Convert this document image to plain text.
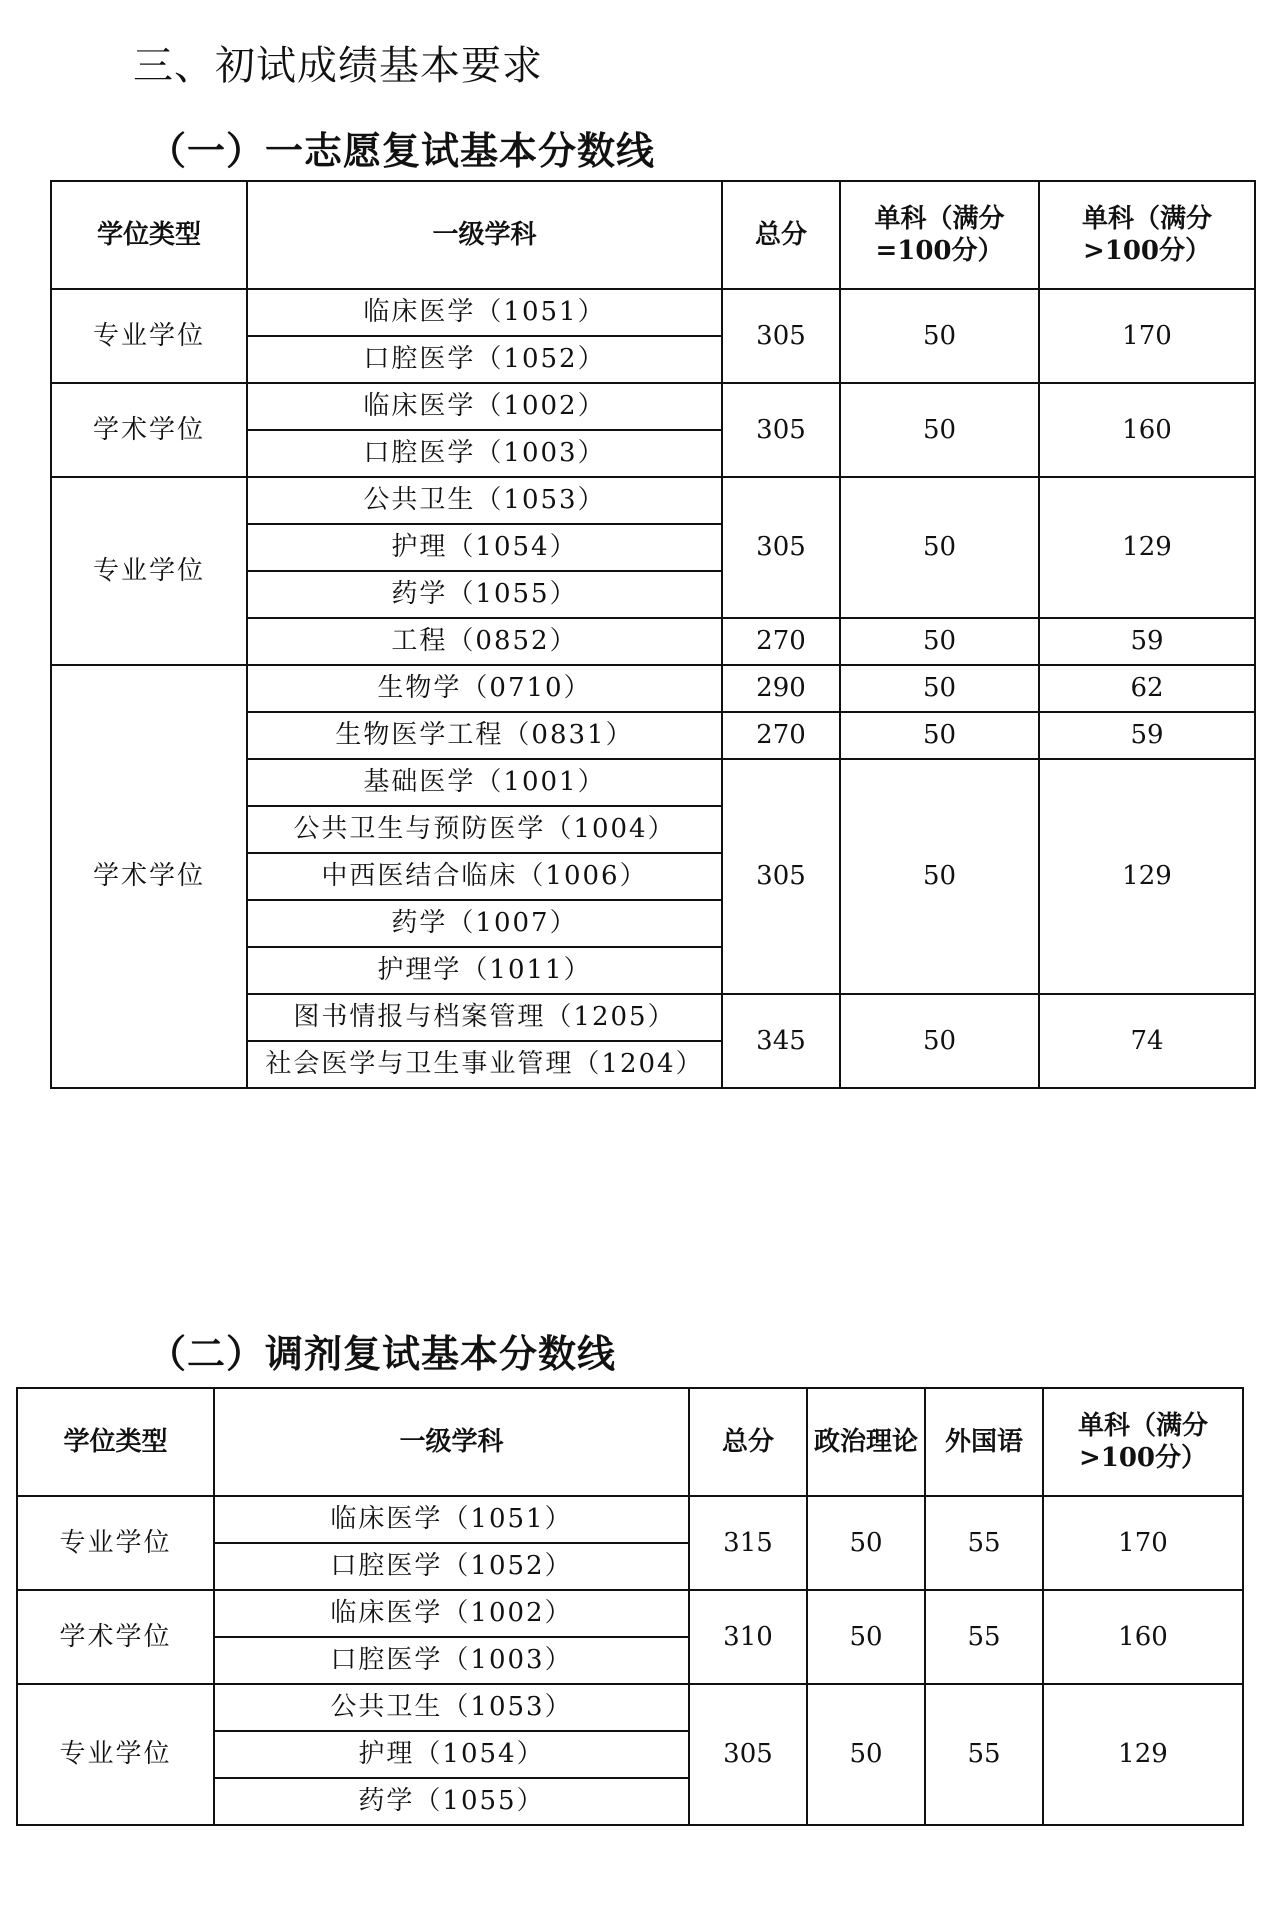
三、初试成绩基本要求
（一）一志愿复试基本分数线
学位类型	一级学科	总分	单科（满分=100分）	单科（满分>100分）
专业学位	临床医学（1051）	305	50	170
	口腔医学（1052）			
学术学位	临床医学（1002）	305	50	160
	口腔医学（1003）			
专业学位	公共卫生（1053）	305	50	129
	护理（1054）			
	药学（1055）			
	工程（0852）	270	50	59
学术学位	生物学（0710）	290	50	62
	生物医学工程（0831）	270	50	59
	基础医学（1001）	305	50	129
	公共卫生与预防医学（1004）			
	中西医结合临床（1006）			
	药学（1007）			
	护理学（1011）			
	图书情报与档案管理（1205）	345	50	74
	社会医学与卫生事业管理（1204）			
（二）调剂复试基本分数线
学位类型	一级学科	总分	政治理论	外国语	单科（满分>100分）
专业学位	临床医学（1051）	315	50	55	170
	口腔医学（1052）				
学术学位	临床医学（1002）	310	50	55	160
	口腔医学（1003）				
专业学位	公共卫生（1053）	305	50	55	129
	护理（1054）				
	药学（1055）				
